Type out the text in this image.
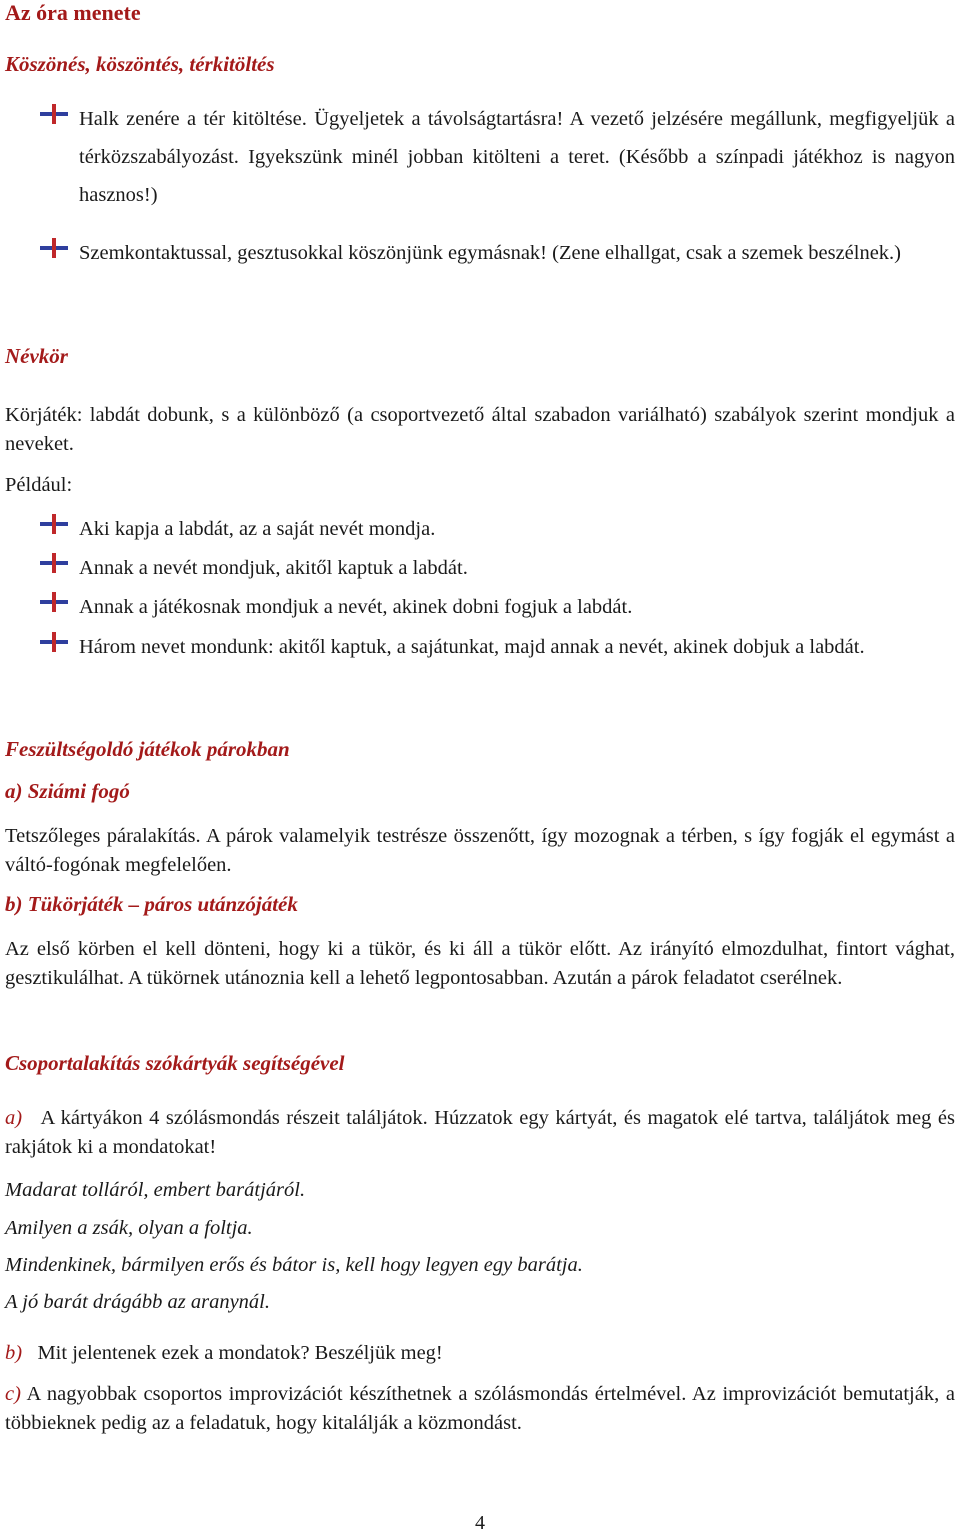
Az óra menete
Köszönés, köszöntés, térkitöltés
Halk zenére a tér kitöltése. Ügyeljetek a távolságtartásra! A vezető jelzésére megállunk, megfigyeljük a térközszabályozást. Igyekszünk minél jobban kitölteni a teret. (Később a színpadi játékhoz is nagyon hasznos!)
Szemkontaktussal, gesztusokkal köszönjünk egymásnak! (Zene elhallgat, csak a szemek beszélnek.)
Névkör

Körjáték: labdát dobunk, s a különböző (a csoportvezető által szabadon variálható) szabályok szerint mondjuk a neveket.

Például:

Aki kapja a labdát, az a saját nevét mondja.
Annak a nevét mondjuk, akitől kaptuk a labdát.
Annak a játékosnak mondjuk a nevét, akinek dobni fogjuk a labdát.
Három nevet mondunk: akitől kaptuk, a sajátunkat, majd annak a nevét, akinek dobjuk a labdát.
Feszültségoldó játékok párokban
a) Sziámi fogó

Tetszőleges páralakítás. A párok valamelyik testrésze összenőtt, így mozognak a térben, s így fogják el egymást a váltó-fogónak megfelelően.

b) Tükörjáték – páros utánzójáték

Az első körben el kell dönteni, hogy ki a tükör, és ki áll a tükör előtt. Az irányító elmozdulhat, fintort vághat, gesztikulálhat. A tükörnek utánoznia kell a lehető legpontosabban. Azután a párok feladatot cserélnek.

Csoportalakítás szókártyák segítségével

a) A kártyákon 4 szólásmondás részeit találjátok. Húzzatok egy kártyát, és magatok elé tartva, találjátok meg és rakjátok ki a mondatokat!

Madarat tolláról, embert barátjáról.

Amilyen a zsák, olyan a foltja.

Mindenkinek, bármilyen erős és bátor is, kell hogy legyen egy barátja.

A jó barát drágább az aranynál.

b) Mit jelentenek ezek a mondatok? Beszéljük meg!

c) A nagyobbak csoportos improvizációt készíthetnek a szólásmondás értelmével. Az improvizációt bemutatják, a többieknek pedig az a feladatuk, hogy kitalálják a közmondást.

4
